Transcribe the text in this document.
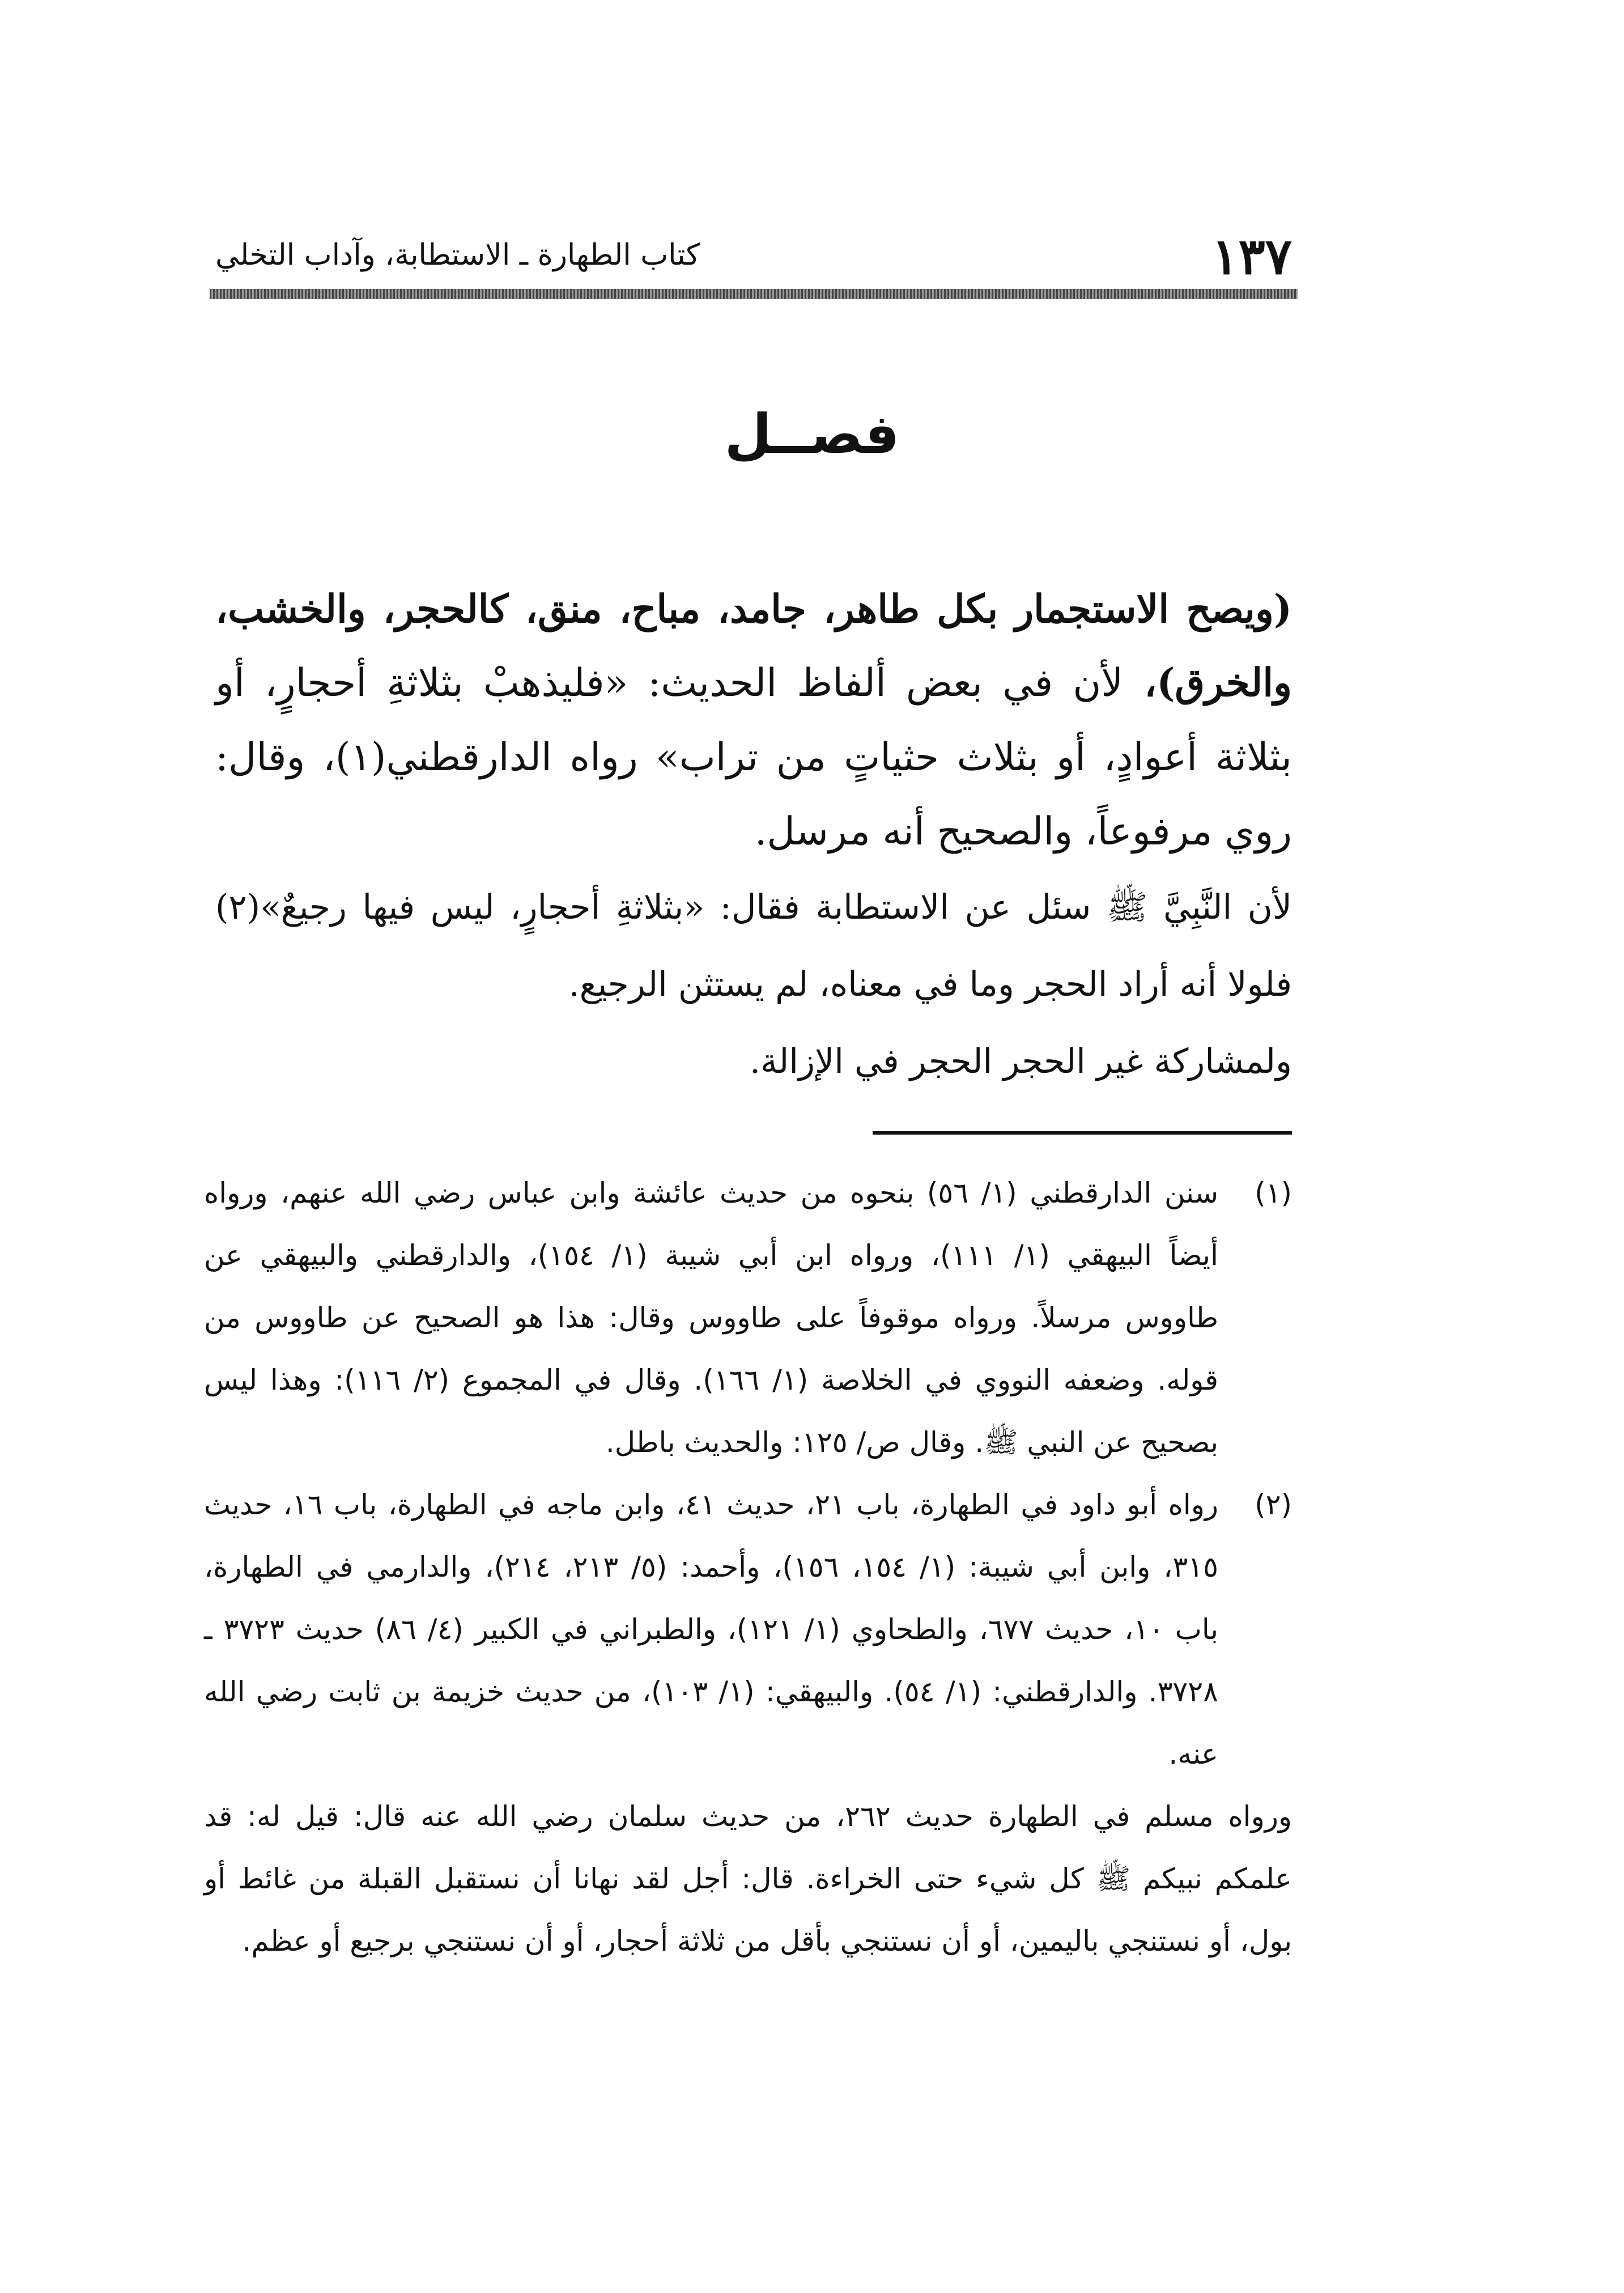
كتاب الطهارة ـ الاستطابة، وآداب التخلي	١٣٧
فصــل

(ويصح الاستجمار بكل طاهر، جامد، مباح، منق، كالحجر، والخشب، والخرق)، لأن في بعض ألفاظ الحديث: «فليذهبْ بثلاثةِ أحجارٍ، أو بثلاثة أعوادٍ، أو بثلاث حثياتٍ من تراب» رواه الدارقطني(١)، وقال: روي مرفوعاً، والصحيح أنه مرسل.

لأن النَّبِيَّ ﷺ سئل عن الاستطابة فقال: «بثلاثةِ أحجارٍ، ليس فيها رجيعٌ»(٢) فلولا أنه أراد الحجر وما في معناه، لم يستثن الرجيع.

ولمشاركة غير الحجر الحجر في الإزالة.

(١)
سنن الدارقطني (١/ ٥٦) بنحوه من حديث عائشة وابن عباس رضي الله عنهم، ورواه أيضاً البيهقي (١/ ١١١)، ورواه ابن أبي شيبة (١/ ١٥٤)، والدارقطني والبيهقي عن طاووس مرسلاً. ورواه موقوفاً على طاووس وقال: هذا هو الصحيح عن طاووس من قوله. وضعفه النووي في الخلاصة (١/ ١٦٦). وقال في المجموع (٢/ ١١٦): وهذا ليس بصحيح عن النبي ﷺ. وقال ص/ ١٢٥: والحديث باطل.
(٢)
رواه أبو داود في الطهارة، باب ٢١، حديث ٤١، وابن ماجه في الطهارة، باب ١٦، حديث ٣١٥، وابن أبي شيبة: (١/ ١٥٤، ١٥٦)، وأحمد: (٥/ ٢١٣، ٢١٤)، والدارمي في الطهارة، باب ١٠، حديث ٦٧٧، والطحاوي (١/ ١٢١)، والطبراني في الكبير (٤/ ٨٦) حديث ٣٧٢٣ ـ ٣٧٢٨. والدارقطني: (١/ ٥٤). والبيهقي: (١/ ١٠٣)، من حديث خزيمة بن ثابت رضي الله عنه.
ورواه مسلم في الطهارة حديث ٢٦٢، من حديث سلمان رضي الله عنه قال: قيل له: قد علمكم نبيكم ﷺ كل شيء حتى الخراءة. قال: أجل لقد نهانا أن نستقبل القبلة من غائط أو بول، أو نستنجي باليمين، أو أن نستنجي بأقل من ثلاثة أحجار، أو أن نستنجي برجيع أو عظم.
